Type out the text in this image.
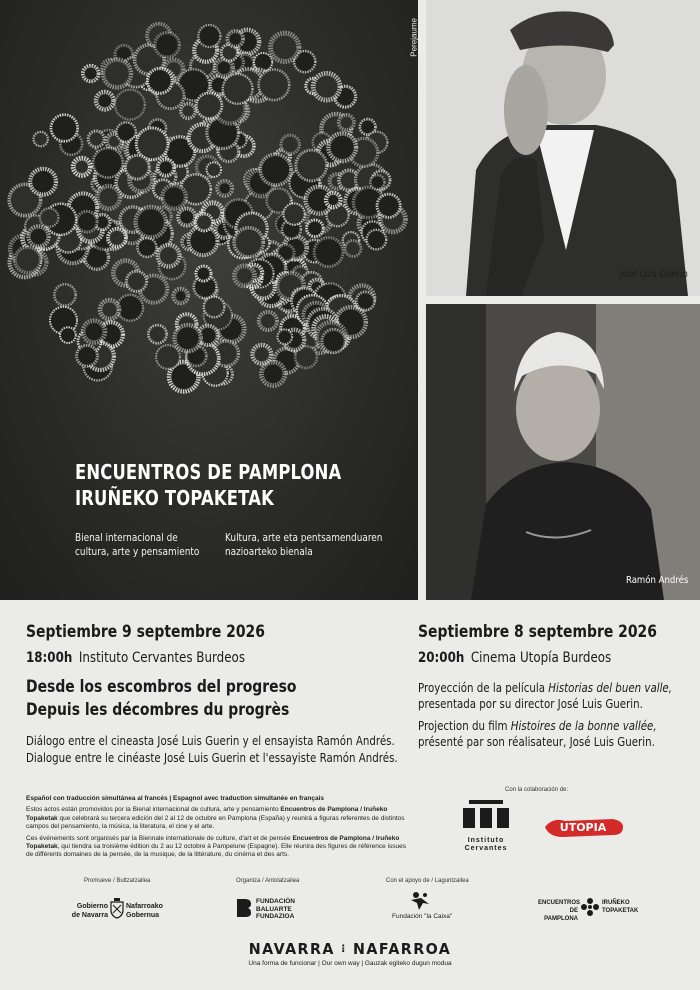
Perejaume
ENCUENTROS DE PAMPLONA
IRUÑEKO TOPAKETAK
Bienal internacional de cultura, arte y pensamiento
Kultura, arte eta pentsamenduaren nazioarteko bienala
José Luis Guerin
Ramón Andrés
Septiembre 9 septembre 2026
18:00h Instituto Cervantes Burdeos
Desde los escombros del progreso
Depuis les décombres du progrès
Diálogo entre el cineasta José Luis Guerin y el ensayista Ramón Andrés.
Dialogue entre le cinéaste José Luis Guerin et l'essayiste Ramón Andrés.
Septiembre 8 septembre 2026
20:00h Cinema Utopía Burdeos
Proyección de la película Historias del buen valle,
presentada por su director José Luis Guerin.
Projection du film Histoires de la bonne vallée,
présenté par son réalisateur, José Luis Guerin.

Español con traducción simultánea al francés | Espagnol avec traduction simultanée en français

Estos actos están promovidos por la Bienal internacional de cultura, arte y pensamiento Encuentros de Pamplona / Iruñeko Topaketak que celebrará su tercera edición del 2 al 12 de octubre en Pamplona (España) y reunirá a figuras referentes de distintos campos del pensamiento, la música, la literatura, el cine y el arte.

Ces événements sont organisés par la Biennale internationale de culture, d'art et de pensée Encuentros de Pamplona / Iruñeko Topaketak, qui tiendra sa troisième édition du 2 au 12 octobre à Pampelune (Espagne). Elle réunira des figures de référence issues de différents domaines de la pensée, de la musique, de la littérature, du cinéma et des arts.

Con la colaboración de:
Instituto
Cervantes
UTOPIA
Promueve / Bultzatzailea
Gobierno
de Navarra
Nafarroako
Gobernua
Organiza / Antolatzailea
FUNDACIÓN
BALUARTE
FUNDAZIOA
Con el apoyo de / Laguntzailea
Fundación "la Caixa"
ENCUENTROS
DE PAMPLONA
IRUÑEKO
TOPAKETAK
NAVARRA ⁝ NAFARROA
Una forma de funcionar | Our own way | Gauzak egiteko dugun modua
